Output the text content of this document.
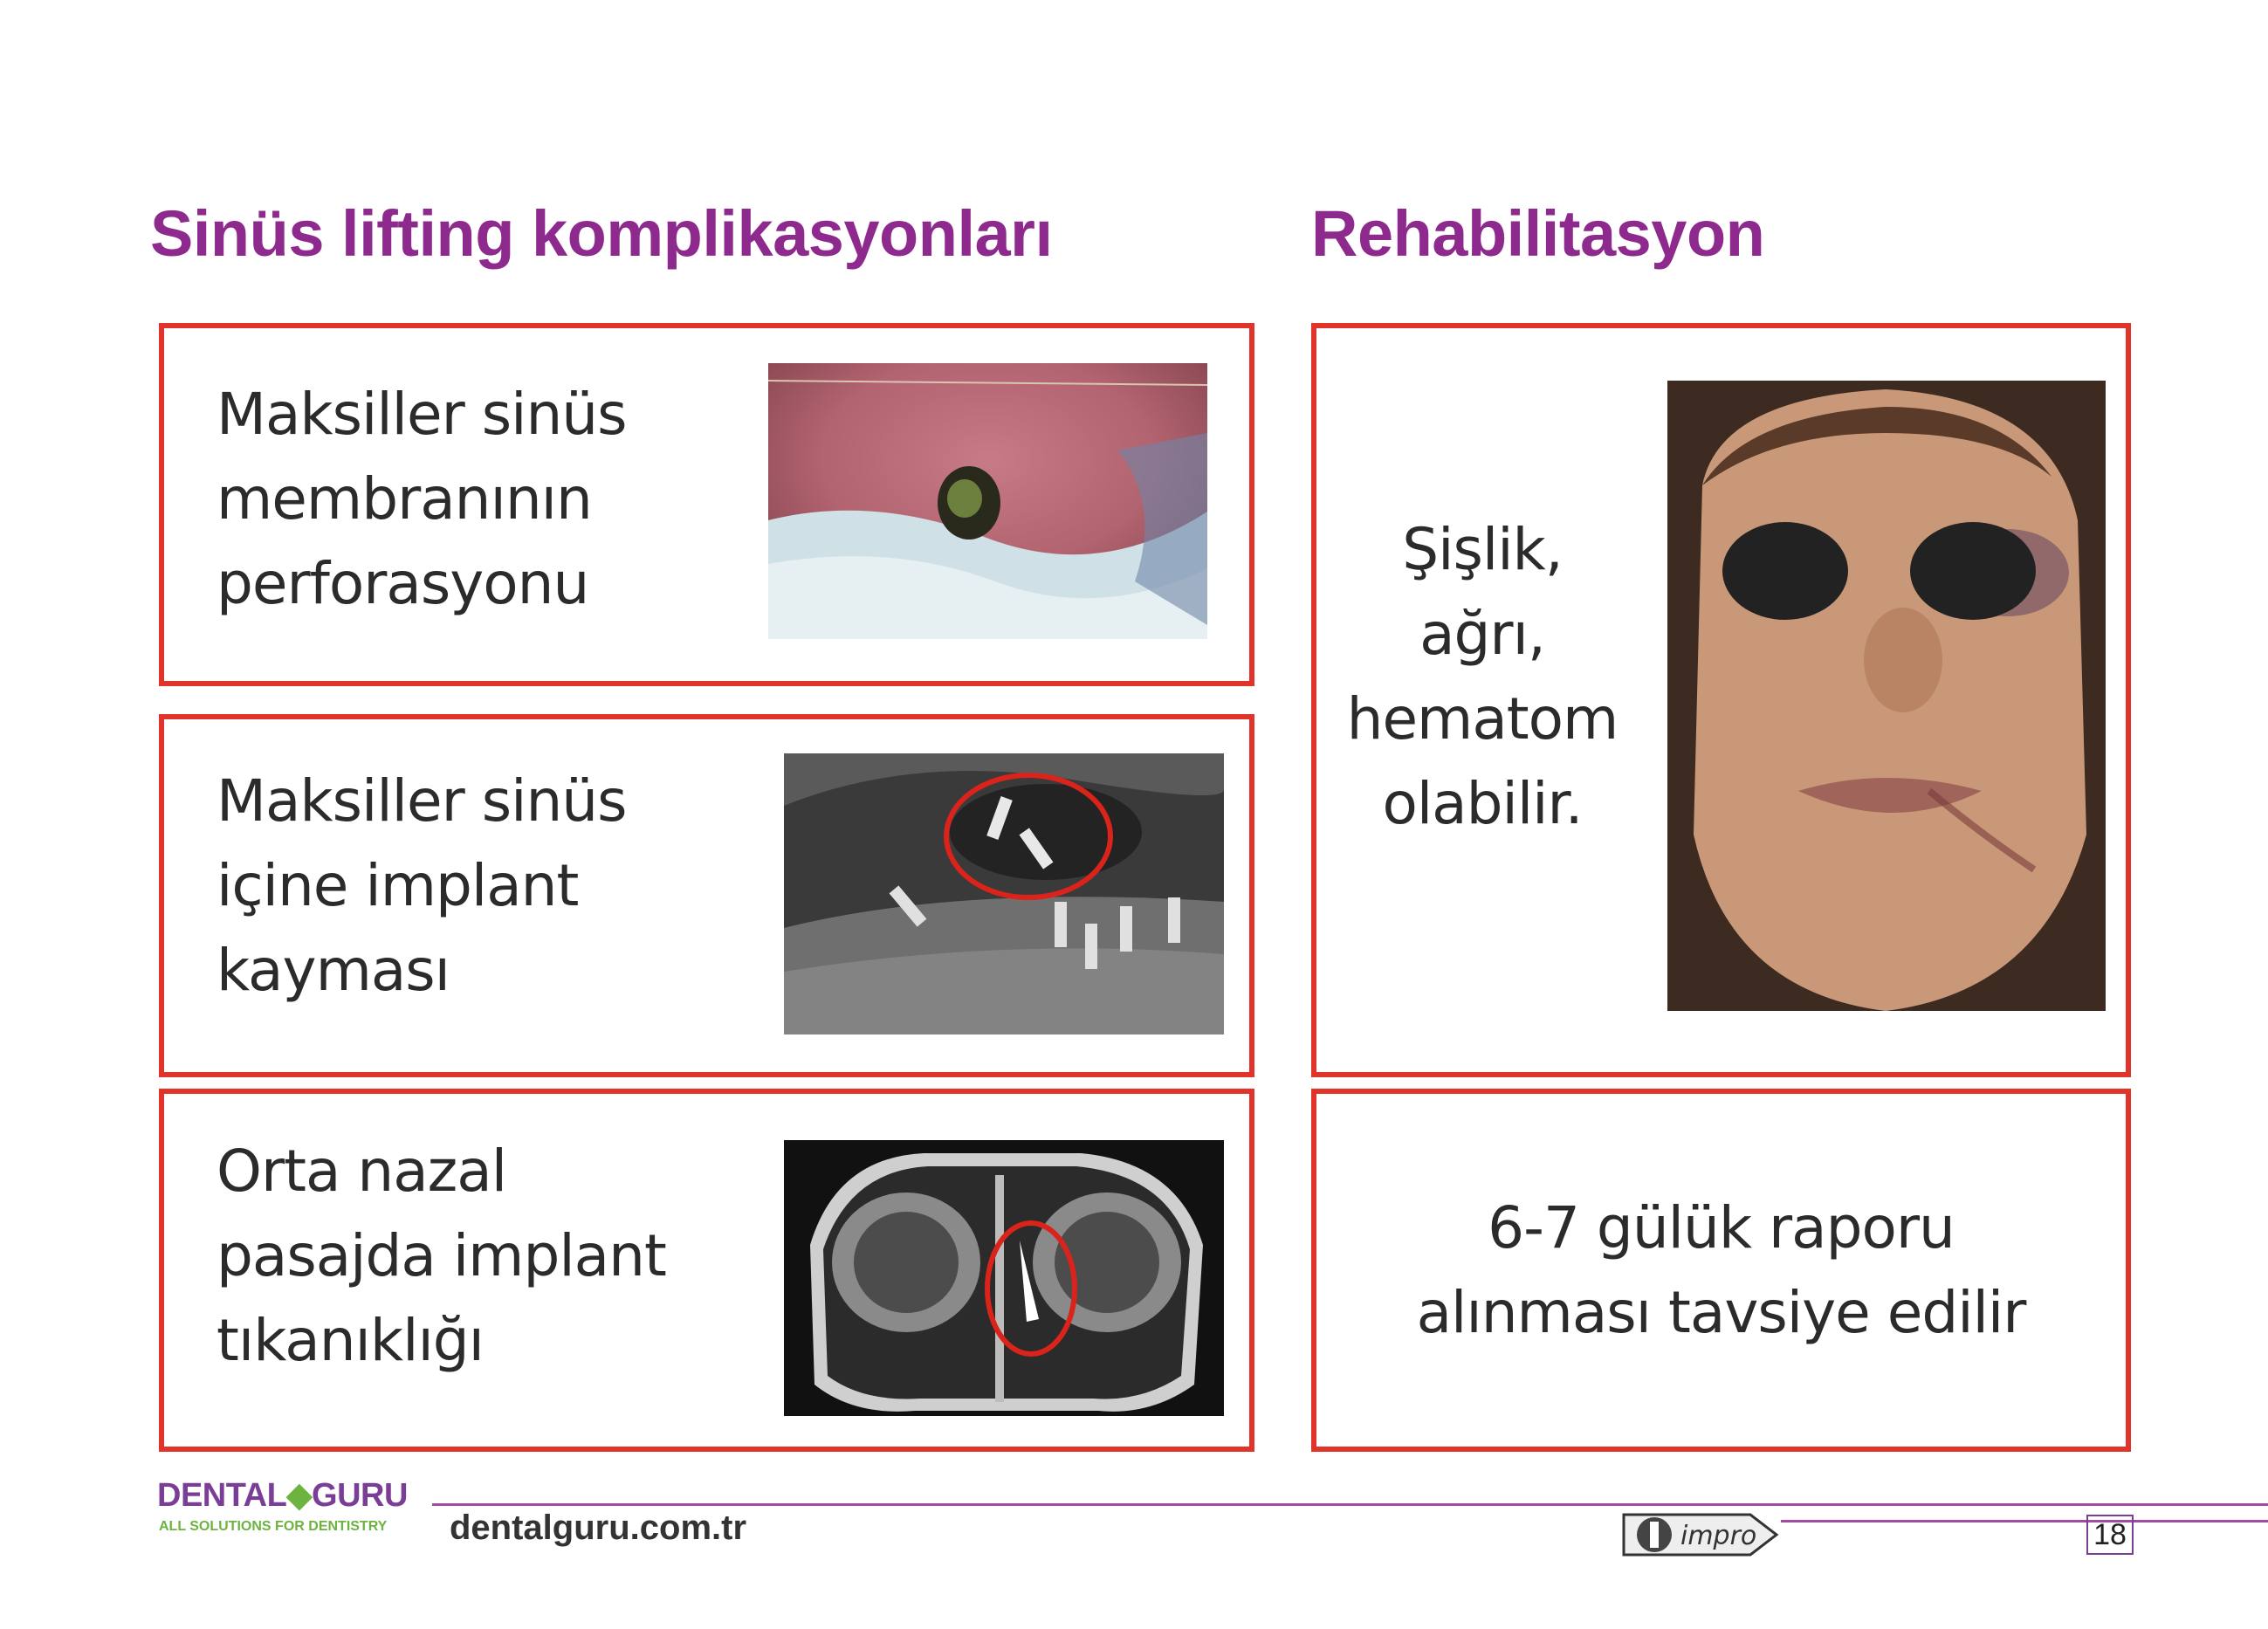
Sinüs lifting komplikasyonları	Rehabilitasyon
Maksiller sinüs
membranının
perforasyonu
Maksiller sinüs
içine implant
kayması
Orta nazal
pasajda implant
tıkanıklığı
Şişlik, ağrı,
hematom
olabilir.
6-7 gülük raporu
alınması tavsiye edilir
DENTAL◆GURU
ALL SOLUTIONS FOR DENTISTRY dentalguru.com.tr	impro	18
